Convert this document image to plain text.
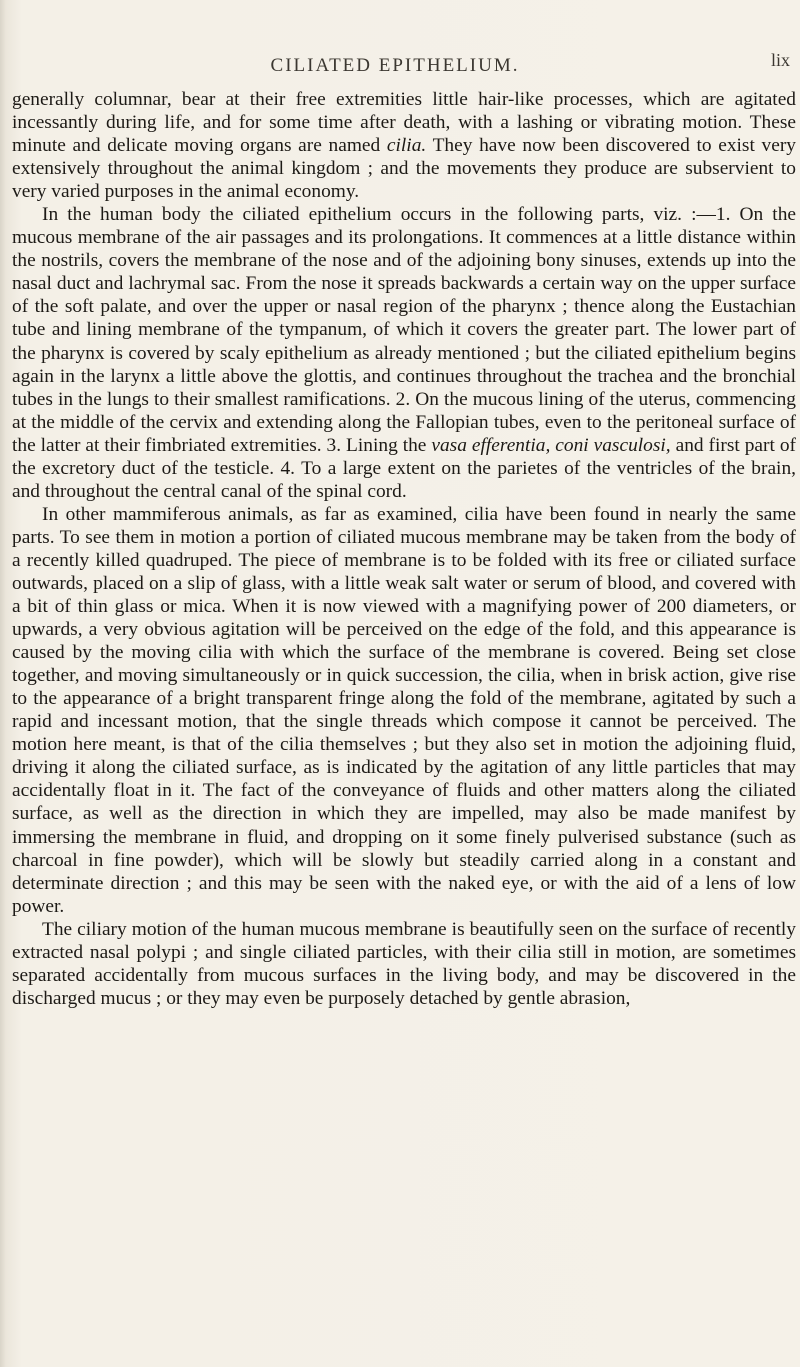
CILIATED EPITHELIUM.	lix

generally columnar, bear at their free extremities little hair-like processes, which are agitated incessantly during life, and for some time after death, with a lashing or vibrating motion. These minute and delicate moving organs are named cilia. They have now been discovered to exist very extensively throughout the animal kingdom ; and the movements they produce are subservient to very varied purposes in the animal economy.

In the human body the ciliated epithelium occurs in the following parts, viz. :—1. On the mucous membrane of the air passages and its prolongations. It commences at a little distance within the nostrils, covers the membrane of the nose and of the adjoining bony sinuses, extends up into the nasal duct and lachrymal sac. From the nose it spreads backwards a certain way on the upper surface of the soft palate, and over the upper or nasal region of the pharynx ; thence along the Eustachian tube and lining membrane of the tympanum, of which it covers the greater part. The lower part of the pharynx is covered by scaly epithelium as already mentioned ; but the ciliated epithelium begins again in the larynx a little above the glottis, and continues throughout the trachea and the bronchial tubes in the lungs to their smallest ramifications. 2. On the mucous lining of the uterus, commencing at the middle of the cervix and extending along the Fallopian tubes, even to the peritoneal surface of the latter at their fimbriated extremities. 3. Lining the vasa efferentia, coni vasculosi, and first part of the excretory duct of the testicle. 4. To a large extent on the parietes of the ventricles of the brain, and throughout the central canal of the spinal cord.

In other mammiferous animals, as far as examined, cilia have been found in nearly the same parts. To see them in motion a portion of ciliated mucous membrane may be taken from the body of a recently killed quadruped. The piece of membrane is to be folded with its free or ciliated surface outwards, placed on a slip of glass, with a little weak salt water or serum of blood, and covered with a bit of thin glass or mica. When it is now viewed with a magnifying power of 200 diameters, or upwards, a very obvious agitation will be perceived on the edge of the fold, and this appearance is caused by the moving cilia with which the surface of the membrane is covered. Being set close together, and moving simultaneously or in quick succession, the cilia, when in brisk action, give rise to the appearance of a bright transparent fringe along the fold of the membrane, agitated by such a rapid and incessant motion, that the single threads which compose it cannot be perceived. The motion here meant, is that of the cilia themselves ; but they also set in motion the adjoining fluid, driving it along the ciliated surface, as is indicated by the agitation of any little particles that may accidentally float in it. The fact of the conveyance of fluids and other matters along the ciliated surface, as well as the direction in which they are impelled, may also be made manifest by immersing the membrane in fluid, and dropping on it some finely pulverised substance (such as charcoal in fine powder), which will be slowly but steadily carried along in a constant and determinate direction ; and this may be seen with the naked eye, or with the aid of a lens of low power.

The ciliary motion of the human mucous membrane is beautifully seen on the surface of recently extracted nasal polypi ; and single ciliated particles, with their cilia still in motion, are sometimes separated accidentally from mucous surfaces in the living body, and may be discovered in the discharged mucus ; or they may even be purposely detached by gentle abrasion,
